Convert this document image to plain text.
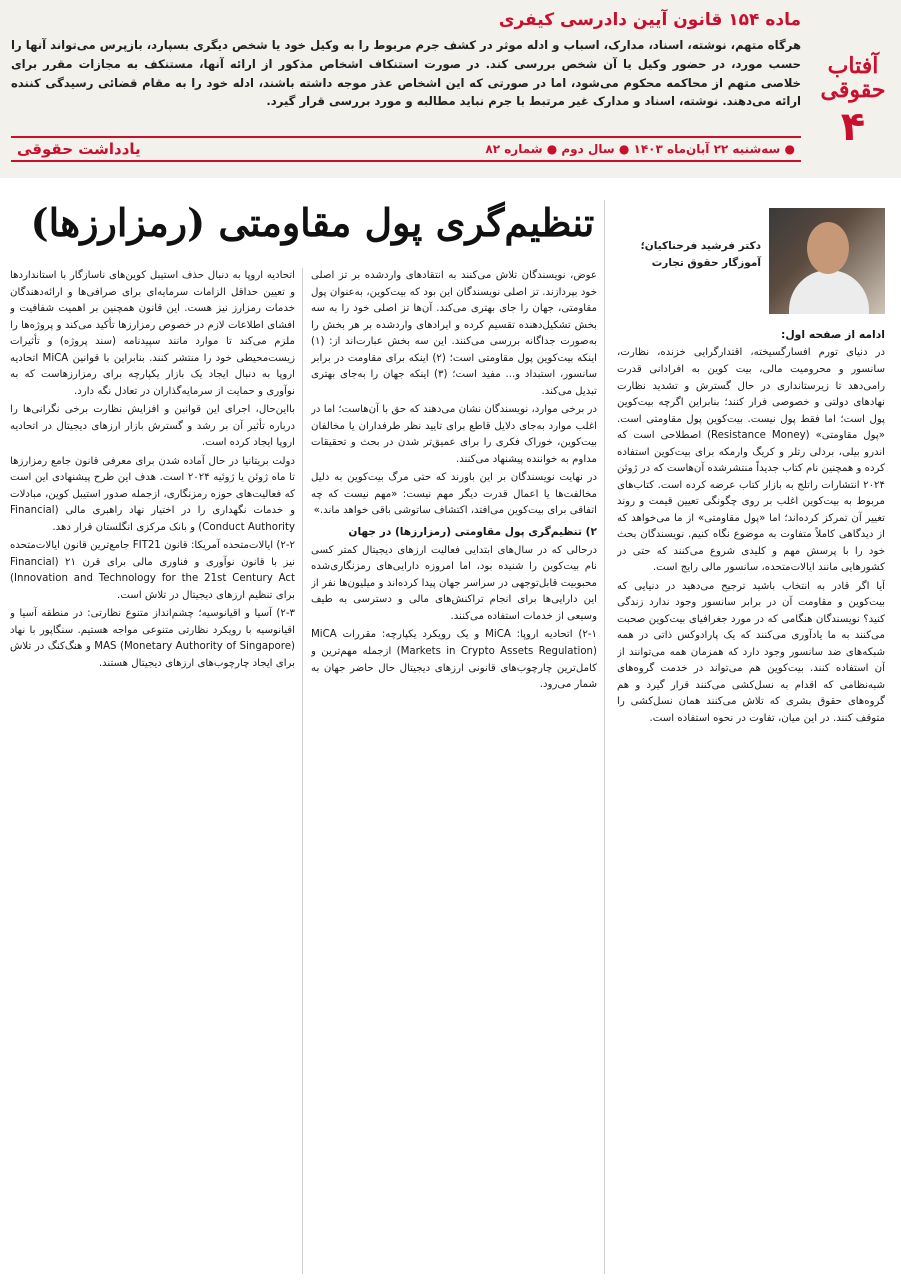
آفتاب حقوقی
۴
ماده ۱۵۴ قانون آیین دادرسی کیفری
هرگاه متهم، نوشته، اسناد، مدارک، اسباب و ادله موثر در کشف جرم مربوط را به وکیل خود یا شخص دیگری بسپارد، بازپرس می‌تواند آنها را حسب مورد، در حضور وکیل یا آن شخص بررسی کند. در صورت استنکاف اشخاص مذکور از ارائه آنها، مستنکف به مجازات مقرر برای خلاصی متهم از محاکمه محکوم می‌شود، اما در صورتی که این اشخاص عذر موجه داشته باشند، ادله خود را به مقام قضائی رسیدگی کننده ارائه می‌دهند. نوشته، اسناد و مدارک غیر مرتبط با جرم نباید مطالبه و مورد بررسی قرار گیرد.
● سه‌شنبه ۲۲ آبان‌ماه ۱۴۰۳ ● سال دوم ● شماره ۸۲
یادداشت حقوقی
تنظیم‌گری پول مقاومتی (رمزارزها)
دکتر فرشید فرحناکیان؛
آموزگار حقوق تجارت

ادامه از صفحه اول:

در دنیای تورم افسارگسیخته، اقتدارگرایی خزنده، نظارت، سانسور و محرومیت مالی، بیت کوین به افرادانی قدرت رامی‌دهد تا زیرستانداری در حال گسترش و تشدید نظارت نهادهای دولتی و خصوصی فرار کنند؛ بنابراین اگرچه بیت‌کوین پول است؛ اما فقط پول نیست. بیت‌کوین پول مقاومتی است. «پول مقاومتی» (Resistance Money) اصطلاحی است که اندرو بیلی، بردلی رتلر و کریگ وارمکه برای بیت‌کوین استفاده کرده و همچنین نام کتاب جدیداً منتشرشده آن‌هاست که در ژوئن ۲۰۲۴ انتشارات راتلج به بازار کتاب عرضه کرده است. کتاب‌های مربوط به بیت‌کوین اغلب بر روی چگونگی تعیین قیمت و روند تغییر آن تمرکز کرده‌اند؛ اما «پول مقاومتی» از ما می‌خواهد که از دیدگاهی کاملاً متفاوت به موضوع نگاه کنیم. نویسندگان بحث خود را با پرسش مهم و کلیدی شروع می‌کنند که حتی در کشورهایی مانند ایالات‌متحده، سانسور مالی رایج است.

آیا اگر قادر به انتخاب باشید ترجیح می‌دهید در دنیایی که بیت‌کوین و مقاومت آن در برابر سانسور وجود ندارد زندگی کنید؟ نویسندگان هنگامی که در مورد جغرافیای بیت‌کوین صحبت می‌کنند به ما یادآوری می‌کنند که یک پارادوکس ذاتی در همه شبکه‌های ضد سانسور وجود دارد که همزمان همه می‌توانند از آن استفاده کنند. بیت‌کوین هم می‌تواند در خدمت گروه‌های شبه‌نظامی که اقدام به نسل‌کشی می‌کنند قرار گیرد و هم گروه‌های حقوق بشری که تلاش می‌کنند همان نسل‌کشی را متوقف کنند. در این میان، تفاوت در نحوه استفاده است.

عوض، نویسندگان تلاش می‌کنند به انتقادهای واردشده بر تز اصلی خود بپردازند. تز اصلی نویسندگان این بود که بیت‌کوین، به‌عنوان پول مقاومتی، جهان را جای بهتری می‌کند. آن‌ها تز اصلی خود را به سه بخش تشکیل‌دهنده تقسیم کرده و ایرادهای واردشده بر هر بخش را به‌صورت جداگانه بررسی می‌کنند. این سه بخش عبارت‌اند از: (۱) اینکه بیت‌کوین پول مقاومتی است؛ (۲) اینکه برای مقاومت در برابر سانسور، استبداد و... مفید است؛ (۳) اینکه جهان را به‌جای بهتری تبدیل می‌کند.

در برخی موارد، نویسندگان نشان می‌دهند که حق با آن‌هاست؛ اما در اغلب موارد به‌جای دلایل قاطع برای تایید نظر طرفداران یا مخالفان بیت‌کوین، خوراک فکری را برای عمیق‌تر شدن در بحث و تحقیقات مداوم به خواننده پیشنهاد می‌کنند.

در نهایت نویسندگان بر این باورند که حتی مرگ بیت‌کوین به دلیل مخالفت‌ها یا اعمال قدرت دیگر مهم نیست: «مهم نیست که چه اتفاقی برای بیت‌کوین می‌افتد، اکتشاف ساتوشی باقی خواهد ماند.»

۲) تنظیم‌گری پول مقاومتی (رمزارزها) در جهان

درحالی که در سال‌های ابتدایی فعالیت ارزهای دیجیتال کمتر کسی نام بیت‌کوین را شنیده بود، اما امروزه دارایی‌های رمزنگاری‌شده محبوبیت قابل‌توجهی در سراسر جهان پیدا کرده‌اند و میلیون‌ها نفر از این دارایی‌ها برای انجام تراکنش‌های مالی و دسترسی به طیف وسیعی از خدمات استفاده می‌کنند.

۲-۱) اتحادیه اروپا: MiCA و یک رویکرد یکپارچه: مقررات MiCA (Markets in Crypto Assets Regulation) ازجمله مهم‌ترین و کامل‌ترین چارچوب‌های قانونی ارزهای دیجیتال حال حاضر جهان به شمار می‌رود.

اتحادیه اروپا به دنبال حذف استیبل کوین‌های ناسازگار با استانداردها و تعیین حداقل الزامات سرمایه‌ای برای صرافی‌ها و ارائه‌دهندگان خدمات رمزارز نیز هست. این قانون همچنین بر اهمیت شفافیت و افشای اطلاعات لازم در خصوص رمزارزها تأکید می‌کند و پروژه‌ها را ملزم می‌کند تا موارد مانند سپیدنامه (سند پروژه) و تأثیرات زیست‌محیطی خود را منتشر کنند. بنابراین با قوانین MiCA اتحادیه اروپا به دنبال ایجاد یک بازار یکپارچه برای رمزارزهاست که به نوآوری و حمایت از سرمایه‌گذاران در تعادل نگه دارد.

بااین‌حال، اجرای این قوانین و افزایش نظارت برخی نگرانی‌ها را درباره تأثیر آن بر رشد و گسترش بازار ارزهای دیجیتال در اتحادیه اروپا ایجاد کرده است.

دولت بریتانیا در حال آماده شدن برای معرفی قانون جامع رمزارزها تا ماه ژوئن یا ژوئیه ۲۰۲۴ است. هدف این طرح پیشنهادی این است که فعالیت‌های حوزه رمزنگاری، ازجمله صدور استیبل کوین، مبادلات و خدمات نگهداری را در اختیار نهاد راهبری مالی (Financial Conduct Authority) و بانک مرکزی انگلستان قرار دهد.

۲-۲) ایالات‌متحده آمریکا: قانون FIT21 جامع‌ترین قانون ایالات‌متحده نیز با قانون نوآوری و فناوری مالی برای قرن ۲۱ (Financial Innovation and Technology for the 21st Century Act) برای تنظیم ارزهای دیجیتال در تلاش است.

۲-۳) آسیا و اقیانوسیه؛ چشم‌انداز متنوع نظارتی: در منطقه آسیا و اقیانوسیه با رویکرد نظارتی متنوعی مواجه هستیم. سنگاپور با نهاد (Monetary Authority of Singapore) MAS و هنگ‌کنگ در تلاش برای ایجاد چارچوب‌های ارزهای دیجیتال هستند.
